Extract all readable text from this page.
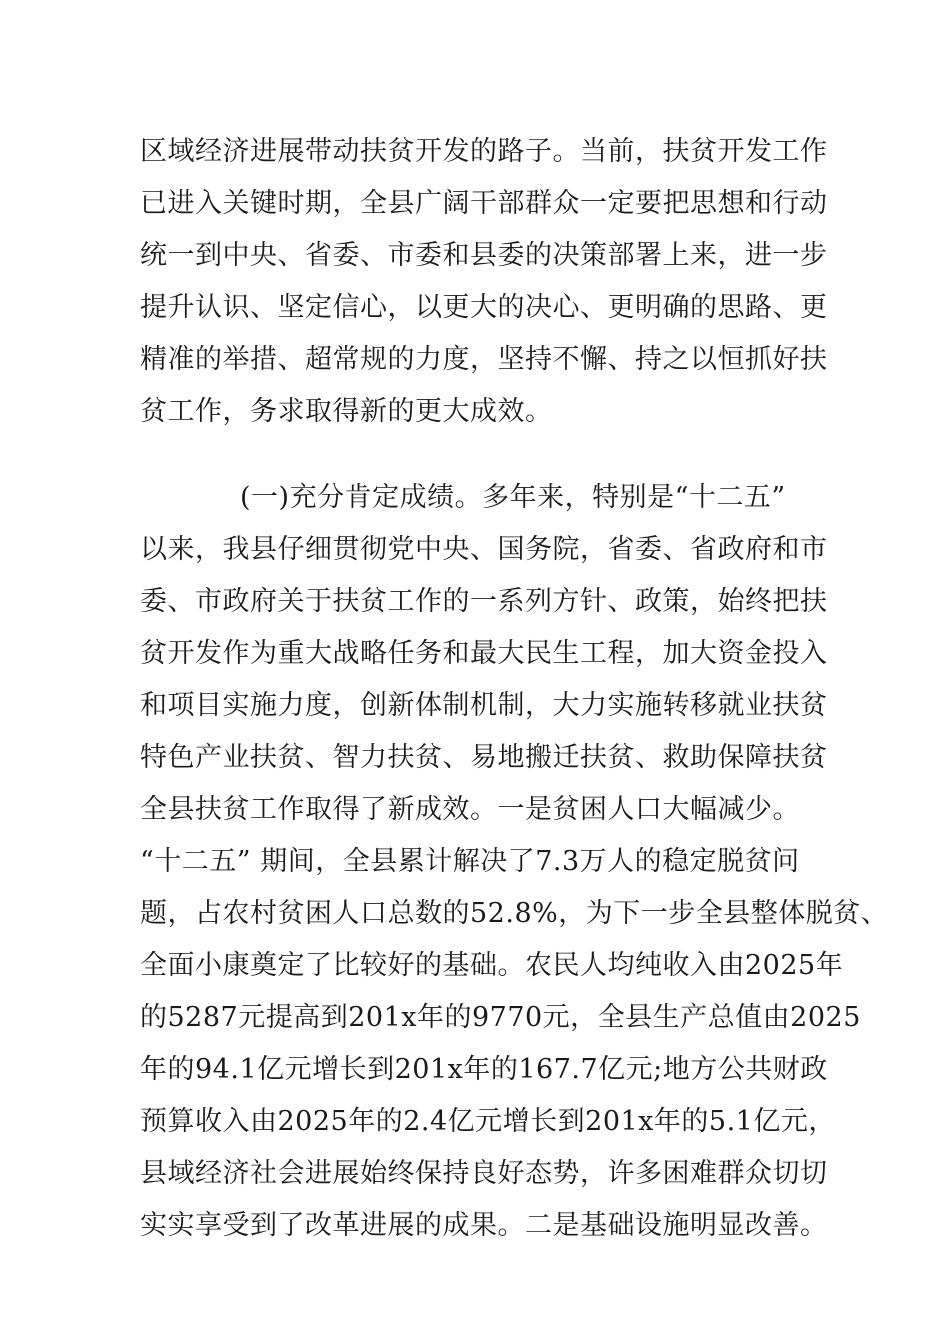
区域经济进展带动扶贫开发的路子。当前，扶贫开发工作
已进入关键时期，全县广阔干部群众一定要把思想和行动
统一到中央、省委、市委和县委的决策部署上来，进一步
提升认识、坚定信心，以更大的决心、更明确的思路、更
精准的举措、超常规的力度，坚持不懈、持之以恒抓好扶
贫工作，务求取得新的更大成效。
(一)充分肯定成绩。多年来，特别是“十二五”
以来，我县仔细贯彻党中央、国务院，省委、省政府和市
委、市政府关于扶贫工作的一系列方针、政策，始终把扶
贫开发作为重大战略任务和最大民生工程，加大资金投入
和项目实施力度，创新体制机制，大力实施转移就业扶贫
特色产业扶贫、智力扶贫、易地搬迁扶贫、救助保障扶贫
全县扶贫工作取得了新成效。一是贫困人口大幅减少。
“十二五” 期间，全县累计解决了7.3万人的稳定脱贫问
题，占农村贫困人口总数的52.8%，为下一步全县整体脱贫、
全面小康奠定了比较好的基础。农民人均纯收入由2025年
的5287元提高到201x年的9770元，全县生产总值由2025
年的94.1亿元增长到201x年的167.7亿元;地方公共财政
预算收入由2025年的2.4亿元增长到201x年的5.1亿元，
县域经济社会进展始终保持良好态势，许多困难群众切切
实实享受到了改革进展的成果。二是基础设施明显改善。
